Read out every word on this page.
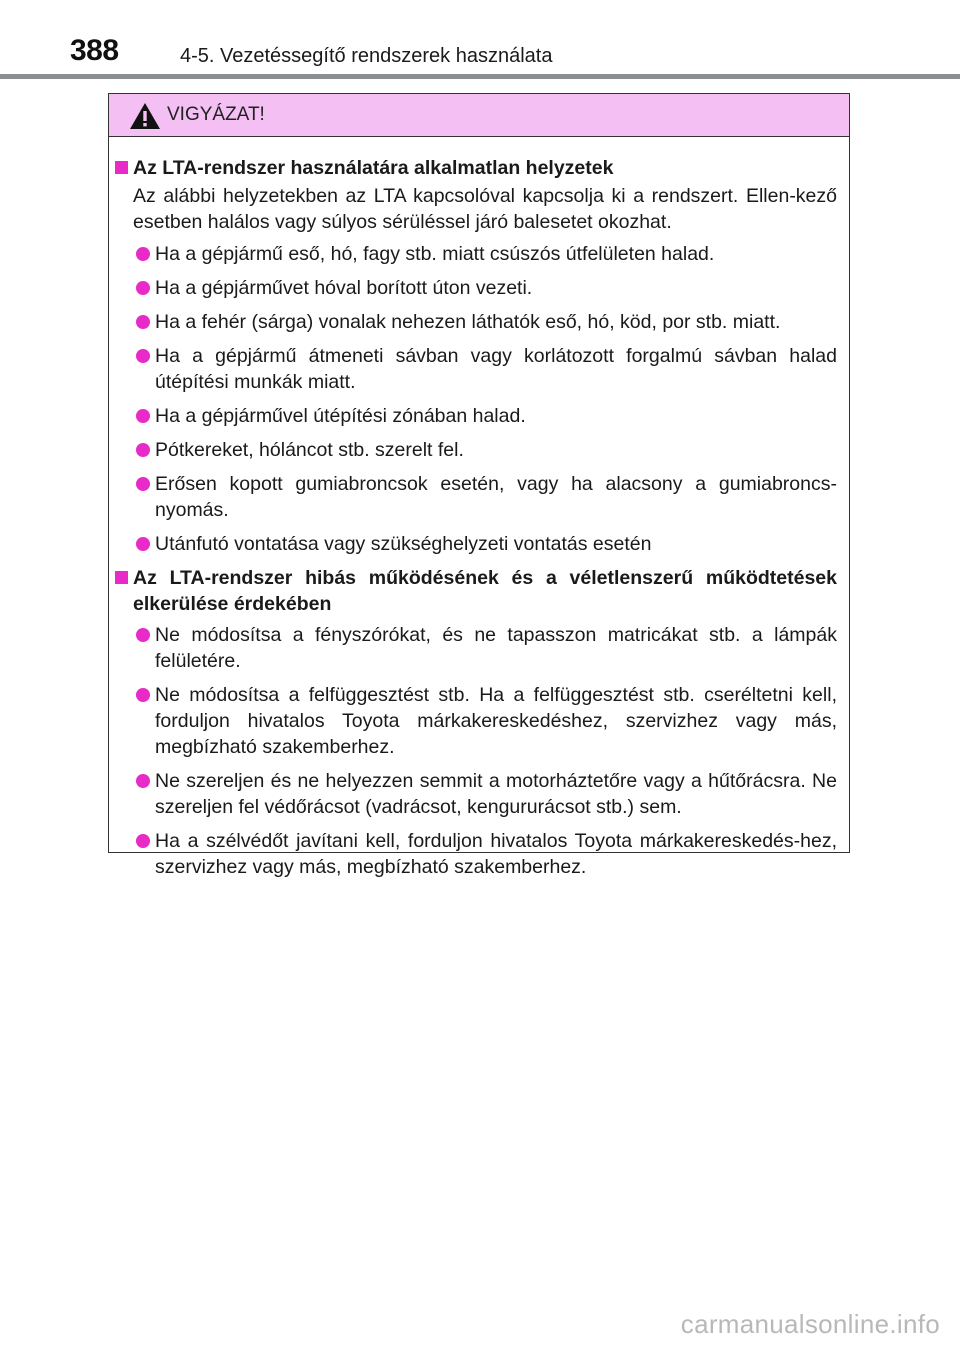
388	4-5. Vezetéssegítő rendszerek használata
VIGYÁZAT!
Az LTA-rendszer használatára alkalmatlan helyzetek
Az alábbi helyzetekben az LTA kapcsolóval kapcsolja ki a rendszert. Ellen-kező esetben halálos vagy súlyos sérüléssel járó balesetet okozhat.
Ha a gépjármű eső, hó, fagy stb. miatt csúszós útfelületen halad.
Ha a gépjárművet hóval borított úton vezeti.
Ha a fehér (sárga) vonalak nehezen láthatók eső, hó, köd, por stb. miatt.
Ha a gépjármű átmeneti sávban vagy korlátozott forgalmú sávban halad útépítési munkák miatt.
Ha a gépjárművel útépítési zónában halad.
Pótkereket, hóláncot stb. szerelt fel.
Erősen kopott gumiabroncsok esetén, vagy ha alacsony a gumiabroncs-nyomás.
Utánfutó vontatása vagy szükséghelyzeti vontatás esetén
Az LTA-rendszer hibás működésének és a véletlenszerű működtetések elkerülése érdekében
Ne módosítsa a fényszórókat, és ne tapasszon matricákat stb. a lámpák felületére.
Ne módosítsa a felfüggesztést stb. Ha a felfüggesztést stb. cseréltetni kell, forduljon hivatalos Toyota márkakereskedéshez, szervizhez vagy más, megbízható szakemberhez.
Ne szereljen és ne helyezzen semmit a motorháztetőre vagy a hűtőrácsra. Ne szereljen fel védőrácsot (vadrácsot, kengururácsot stb.) sem.
Ha a szélvédőt javítani kell, forduljon hivatalos Toyota márkakereskedés-hez, szervizhez vagy más, megbízható szakemberhez.
carmanualsonline.info
